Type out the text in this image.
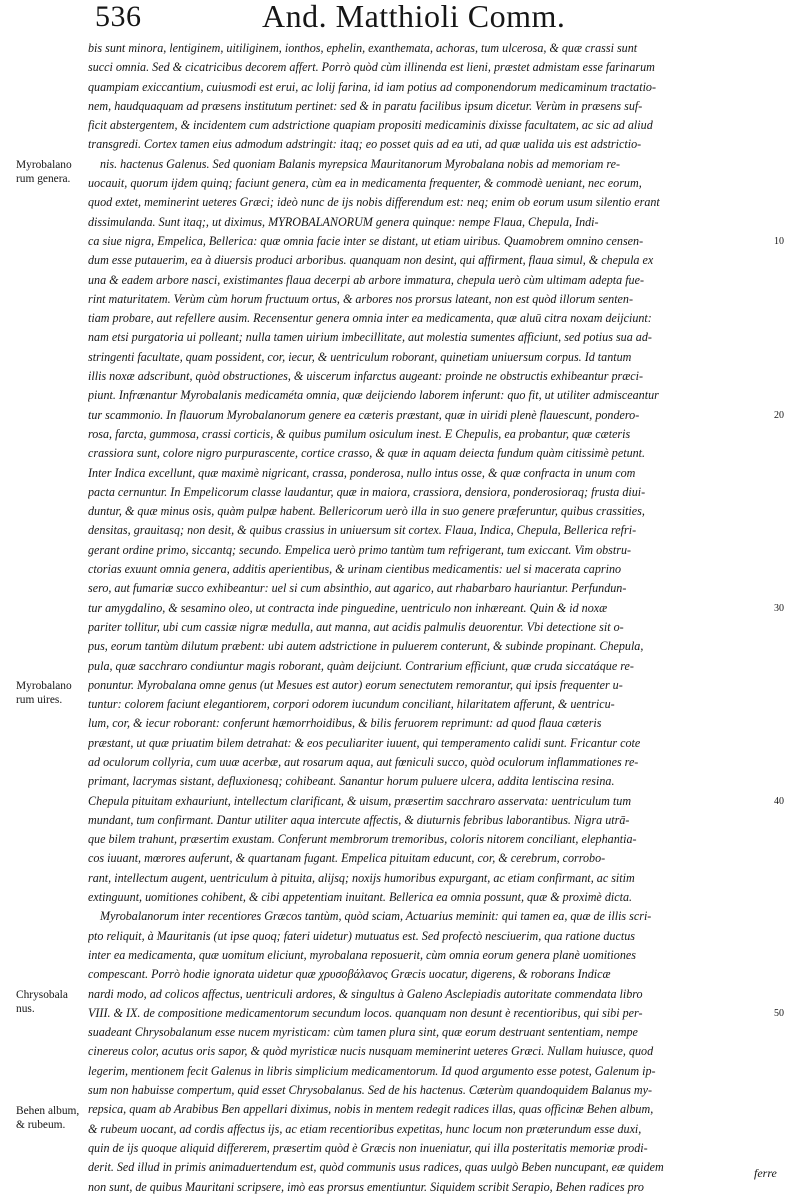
536	And. Matthioli Comm.
bis sunt minora, lentiginem, uitiliginem, ionthos, ephelin, exanthemata, achoras, tum ulcerosa, & quæ crassi sunt
succi omnia. Sed & cicatricibus decorem affert. Porrò quòd cùm illinenda est lieni, præstet admistam esse farinarum
quampiam exiccantium, cuiusmodi est erui, ac lolij farina, id iam potius ad componendorum medicaminum tractatio-
nem, haudquaquam ad præsens institutum pertinet: sed & in paratu facilibus ipsum dicetur. Verùm in præsens suf-
ficit abstergentem, & incidentem cum adstrictione quapiam propositi medicaminis dixisse facultatem, ac sic ad aliud
transgredi. Cortex tamen eius admodum adstringit: itaq; eo posset quis ad ea uti, ad quæ ualida uis est adstrictio-
nis. hactenus Galenus. Sed quoniam Balanis myrepsica Mauritanorum Myrobalana nobis ad memoriam re-
uocauit, quorum ijdem quinq; faciunt genera, cùm ea in medicamenta frequenter, & commodè ueniant, nec eorum,
quod extet, meminerint ueteres Græci; ideò nunc de ijs nobis differendum est: neq; enim ob eorum usum silentio erant
dissimulanda. Sunt itaq;, ut diximus, MYROBALANORUM genera quinque: nempe Flaua, Chepula, Indi-
ca siue nigra, Empelica, Bellerica: quæ omnia facie inter se distant, ut etiam uiribus. Quamobrem omnino censen-
dum esse putauerim, ea à diuersis produci arboribus. quanquam non desint, qui affirment, flaua simul, & chepula ex
una & eadem arbore nasci, existimantes flaua decerpi ab arbore immatura, chepula uerò cùm ultimam adepta fue-
rint maturitatem. Verùm cùm horum fructuum ortus, & arbores nos prorsus lateant, non est quòd illorum senten-
tiam probare, aut refellere ausim. Recensentur genera omnia inter ea medicamenta, quæ aluū citra noxam deijciunt:
nam etsi purgatoria ui polleant; nulla tamen uirium imbecillitate, aut molestia sumentes afficiunt, sed potius sua ad-
stringenti facultate, quam possident, cor, iecur, & uentriculum roborant, quinetiam uniuersum corpus. Id tantum
illis noxæ adscribunt, quòd obstructiones, & uiscerum infarctus augeant: proinde ne obstructis exhibeantur præci-
piunt. Infrænantur Myrobalanis medicaméta omnia, quæ deijciendo laborem inferunt: quo fit, ut utiliter admisceantur
tur scammonio. In flauorum Myrobalanorum genere ea cæteris præstant, quæ in uiridi plenè flauescunt, pondero-
rosa, farcta, gummosa, crassi corticis, & quibus pumilum osiculum inest. E Chepulis, ea probantur, quæ cæteris
crassiora sunt, colore nigro purpurascente, cortice crasso, & quæ in aquam deiecta fundum quàm citissimè petunt.
Inter Indica excellunt, quæ maximè nigricant, crassa, ponderosa, nullo intus osse, & quæ confracta in unum com
pacta cernuntur. In Empelicorum classe laudantur, quæ in maiora, crassiora, densiora, ponderosioraq; frusta diui-
duntur, & quæ minus osis, quàm pulpæ habent. Bellericorum uerò illa in suo genere præferuntur, quibus crassities,
densitas, grauitasq; non desit, & quibus crassius in uniuersum sit cortex. Flaua, Indica, Chepula, Bellerica refri-
gerant ordine primo, siccantq; secundo. Empelica uerò primo tantùm tum refrigerant, tum exiccant. Vim obstru-
ctorias exuunt omnia genera, additis aperientibus, & urinam cientibus medicamentis: uel si macerata caprino
sero, aut fumariæ succo exhibeantur: uel si cum absinthio, aut agarico, aut rhabarbaro hauriantur. Perfundun-
tur amygdalino, & sesamino oleo, ut contracta inde pinguedine, uentriculo non inhæreant. Quin & id noxæ
pariter tollitur, ubi cum cassiæ nigræ medulla, aut manna, aut acidis palmulis deuorentur. Vbi detectione sit o-
pus, eorum tantùm dilutum præbent: ubi autem adstrictione in puluerem conterunt, & subinde propinant. Chepula,
pula, quæ sacchraro condiuntur magis roborant, quàm deijciunt. Contrarium efficiunt, quæ cruda siccatáque re-
ponuntur. Myrobalana omne genus (ut Mesues est autor) eorum senectutem remorantur, qui ipsis frequenter u-
tuntur: colorem faciunt elegantiorem, corpori odorem iucundum conciliant, hilaritatem afferunt, & uentricu-
lum, cor, & iecur roborant: conferunt hæmorrhoidibus, & bilis feruorem reprimunt: ad quod flaua cæteris
præstant, ut quæ priuatim bilem detrahat: & eos peculiariter iuuent, qui temperamento calidi sunt. Fricantur cote
ad oculorum collyria, cum uuæ acerbæ, aut rosarum aqua, aut fœniculi succo, quòd oculorum inflammationes re-
primant, lacrymas sistant, defluxionesq; cohibeant. Sanantur horum puluere ulcera, addita lentiscina resina.
Chepula pituitam exhauriunt, intellectum clarificant, & uisum, præsertim sacchraro asservata: uentriculum tum
mundant, tum confirmant. Dantur utiliter aqua intercute affectis, & diuturnis febribus laborantibus. Nigra utrā-
que bilem trahunt, præsertim exustam. Conferunt membrorum tremoribus, coloris nitorem conciliant, elephantia-
cos iuuant, mœrores auferunt, & quartanam fugant. Empelica pituitam educunt, cor, & cerebrum, corrobo-
rant, intellectum augent, uentriculum à pituita, alijsq; noxijs humoribus expurgant, ac etiam confirmant, ac sitim
extinguunt, uomitiones cohibent, & cibi appetentiam inuitant. Bellerica ea omnia possunt, quæ & proximè dicta.
Myrobalanorum inter recentiores Græcos tantùm, quòd sciam, Actuarius meminit: qui tamen ea, quæ de illis scri-
pto reliquit, à Mauritanis (ut ipse quoq; fateri uidetur) mutuatus est. Sed profectò nesciuerim, qua ratione ductus
inter ea medicamenta, quæ uomitum eliciunt, myrobalana reposuerit, cùm omnia eorum genera planè uomitiones
compescant. Porrò hodie ignorata uidetur quæ χρυσοβάλανος Græcis uocatur, digerens, & roborans Indicæ
nardi modo, ad colicos affectus, uentriculi ardores, & singultus à Galeno Asclepiadis autoritate commendata libro
VIII. & IX. de compositione medicamentorum secundum locos. quanquam non desunt è recentioribus, qui sibi per-
suadeant Chrysobalanum esse nucem myristicam: cùm tamen plura sint, quæ eorum destruant sententiam, nempe
cinereus color, acutus oris sapor, & quòd myristicæ nucis nusquam meminerint ueteres Græci. Nullam huiusce, quod
legerim, mentionem fecit Galenus in libris simplicium medicamentorum. Id quod argumento esse potest, Galenum ip-
sum non habuisse compertum, quid esset Chrysobalanus. Sed de his hactenus. Cæterùm quandoquidem Balanus my-
repsica, quam ab Arabibus Ben appellari diximus, nobis in mentem redegit radices illas, quas officinæ Behen album,
& rubeum uocant, ad cordis affectus ijs, ac etiam recentioribus expetitas, hunc locum non præterundum esse duxi,
quin de ijs quoque aliquid differerem, præsertim quòd è Græcis non inueniatur, qui illa posteritatis memoriæ prodi-
derit. Sed illud in primis animaduertendum est, quòd communis usus radices, quas uulgò Beben nuncupant, eæ quidem
non sunt, de quibus Mauritani scripsere, imò eas prorsus ementiuntur. Siquidem scribit Serapio, Behen radices pro
Myrobalano rum genera.
Myrobalano rum uires.
Chrysobala nus.
Behen album, & rubeum.
10
20
30
40
50
ferre
